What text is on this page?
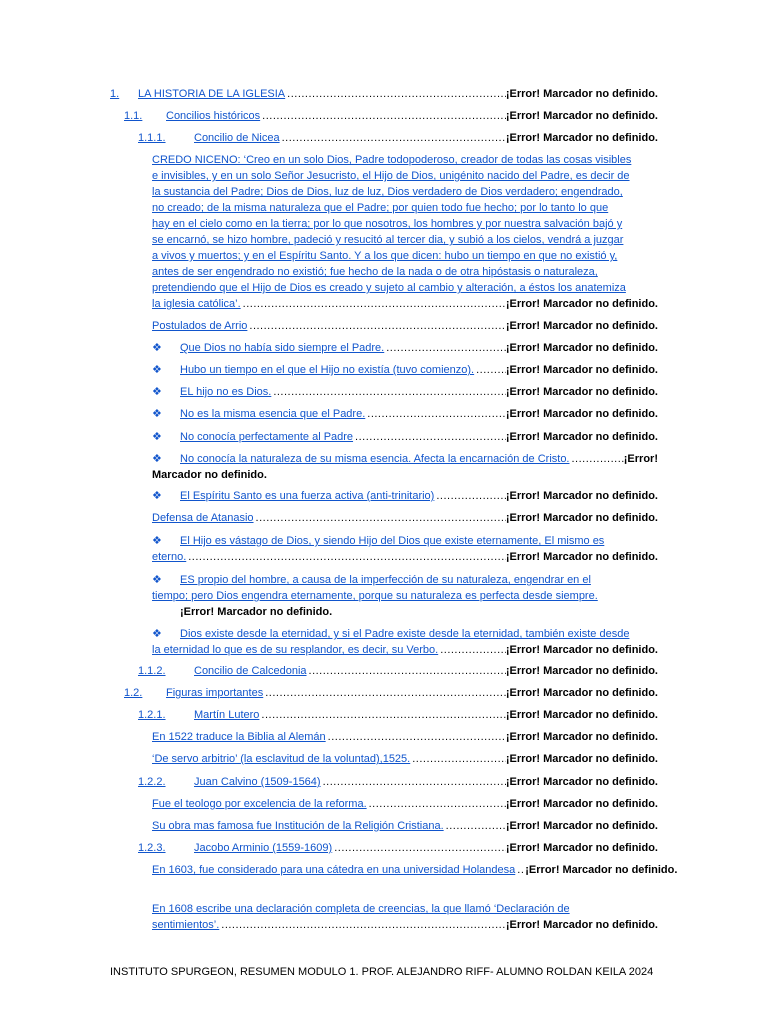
1.	LA HISTORIA DE LA IGLESIA .....	¡Error! Marcador no definido.
1.1.	Concilios históricos .....	¡Error! Marcador no definido.
1.1.1.	Concilio de Nicea .....	¡Error! Marcador no definido.
CREDO NICENO: ‘Creo en un solo Dios, Padre todopoderoso, creador de todas las cosas visibles
e invisibles, y en un solo Señor Jesucristo, el Hijo de Dios, unigénito nacido del Padre, es decir de
la sustancia del Padre; Dios de Dios, luz de luz, Dios verdadero de Dios verdadero; engendrado,
no creado; de la misma naturaleza que el Padre; por quien todo fue hecho; por lo tanto lo que
hay en el cielo como en la tierra; por lo que nosotros, los hombres y por nuestra salvación bajó y
se encarnó, se hizo hombre, padeció y resucitó al tercer dia, y subió a los cielos, vendrá a juzgar
a vivos y muertos; y en el Espíritu Santo. Y a los que dicen: hubo un tiempo en que no existió y,
antes de ser engendrado no existió; fue hecho de la nada o de otra hipóstasis o naturaleza,
pretendiendo que el Hijo de Dios es creado y sujeto al cambio y alteración, a éstos los anatemiza
la iglesia católica’. .....	¡Error! Marcador no definido.
Postulados de Arrio .....	¡Error! Marcador no definido.
❖	Que Dios no había sido siempre el Padre. .....	¡Error! Marcador no definido.
❖	Hubo un tiempo en el que el Hijo no existía (tuvo comienzo). .....	¡Error! Marcador no definido.
❖	EL hijo no es Dios. .....	¡Error! Marcador no definido.
❖	No es la misma esencia que el Padre. .....	¡Error! Marcador no definido.
❖	No conocía perfectamente al Padre .....	¡Error! Marcador no definido.
❖	No conocía la naturaleza de su misma esencia. Afecta la encarnación de Cristo. .....	¡Error!
Marcador no definido.
❖	El Espíritu Santo es una fuerza activa (anti-trinitario) .....	¡Error! Marcador no definido.
Defensa de Atanasio .....	¡Error! Marcador no definido.
❖	El Hijo es vástago de Dios, y siendo Hijo del Dios que existe eternamente, El mismo es
eterno. .....	¡Error! Marcador no definido.
❖	ES propio del hombre, a causa de la imperfección de su naturaleza, engendrar en el
tiempo; pero Dios engendra eternamente, porque su naturaleza es perfecta desde siempre.
¡Error! Marcador no definido.
❖	Dios existe desde la eternidad, y si el Padre existe desde la eternidad, también existe desde
la eternidad lo que es de su resplandor, es decir, su Verbo. .....	¡Error! Marcador no definido.
1.1.2.	Concilio de Calcedonia .....	¡Error! Marcador no definido.
1.2.	Figuras importantes .....	¡Error! Marcador no definido.
1.2.1.	Martín Lutero .....	¡Error! Marcador no definido.
En 1522 traduce la Biblia al Alemán .....	¡Error! Marcador no definido.
‘De servo arbitrio’ (la esclavitud de la voluntad),1525. .....	¡Error! Marcador no definido.
1.2.2.	Juan Calvino (1509-1564) .....	¡Error! Marcador no definido.
Fue el teologo por excelencia de la reforma. .....	¡Error! Marcador no definido.
Su obra mas famosa fue Institución de la Religión Cristiana. .....	¡Error! Marcador no definido.
1.2.3.	Jacobo Arminio (1559-1609) .....	¡Error! Marcador no definido.
En 1603, fue considerado para una cátedra en una universidad Holandesa ..... ¡Error! Marcador no definido.
En 1608 escribe una declaración completa de creencias, la que llamó ‘Declaración de
sentimientos’. .....	¡Error! Marcador no definido.
INSTITUTO SPURGEON, RESUMEN MODULO 1. PROF. ALEJANDRO RIFF- ALUMNO ROLDAN KEILA 2024
